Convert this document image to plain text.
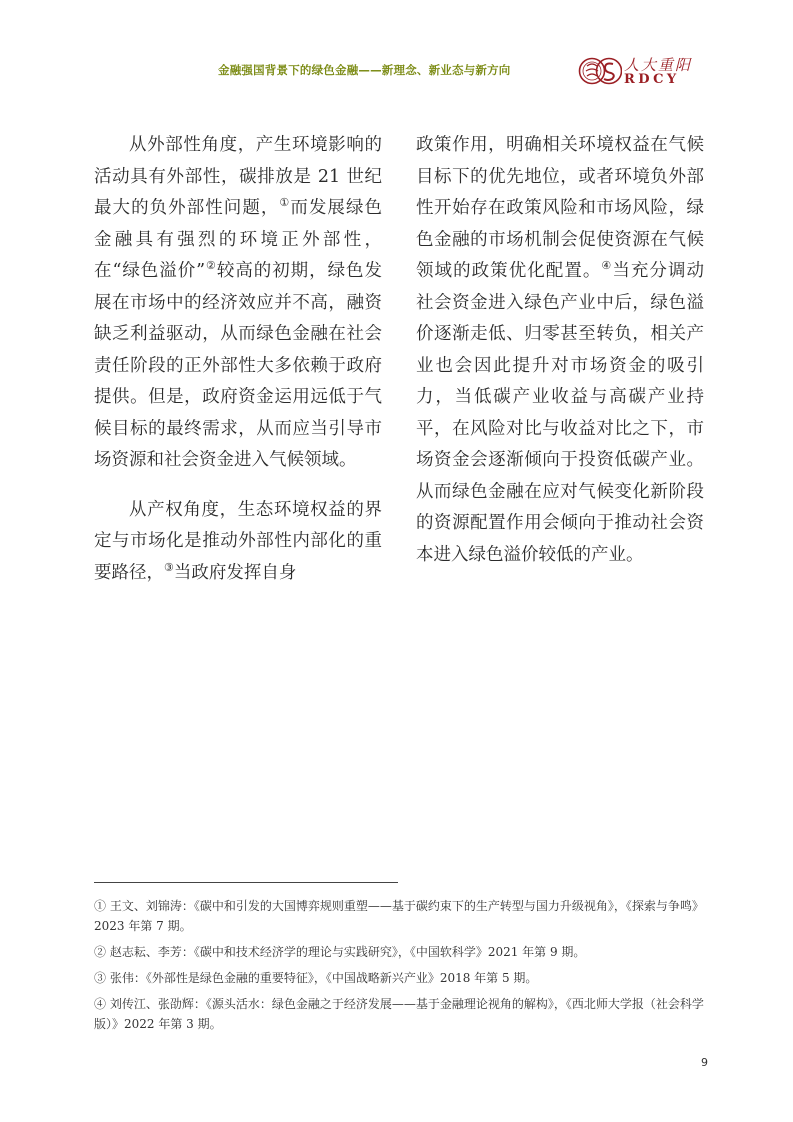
金融强国背景下的绿色金融——新理念、新业态与新方向	人大重阳
RDCY

从外部性角度，产生环境影响的活动具有外部性，碳排放是 21 世纪最大的负外部性问题，①而发展绿色金融具有强烈的环境正外部性，在“绿色溢价”②较高的初期，绿色发展在市场中的经济效应并不高，融资缺乏利益驱动，从而绿色金融在社会责任阶段的正外部性大多依赖于政府提供。但是，政府资金运用远低于气候目标的最终需求，从而应当引导市场资源和社会资金进入气候领域。

从产权角度，生态环境权益的界定与市场化是推动外部性内部化的重要路径，③当政府发挥自身

政策作用，明确相关环境权益在气候目标下的优先地位，或者环境负外部性开始存在政策风险和市场风险，绿色金融的市场机制会促使资源在气候领域的政策优化配置。④当充分调动社会资金进入绿色产业中后，绿色溢价逐渐走低、归零甚至转负，相关产业也会因此提升对市场资金的吸引力，当低碳产业收益与高碳产业持平，在风险对比与收益对比之下，市场资金会逐渐倾向于投资低碳产业。从而绿色金融在应对气候变化新阶段的资源配置作用会倾向于推动社会资本进入绿色溢价较低的产业。

① 王文、刘锦涛：《碳中和引发的大国博弈规则重塑——基于碳约束下的生产转型与国力升级视角》，《探索与争鸣》2023 年第 7 期。

② 赵志耘、李芳：《碳中和技术经济学的理论与实践研究》，《中国软科学》2021 年第 9 期。

③ 张伟：《外部性是绿色金融的重要特征》，《中国战略新兴产业》2018 年第 5 期。

④ 刘传江、张劭辉：《源头活水：绿色金融之于经济发展——基于金融理论视角的解构》，《西北师大学报（社会科学版）》2022 年第 3 期。

9
